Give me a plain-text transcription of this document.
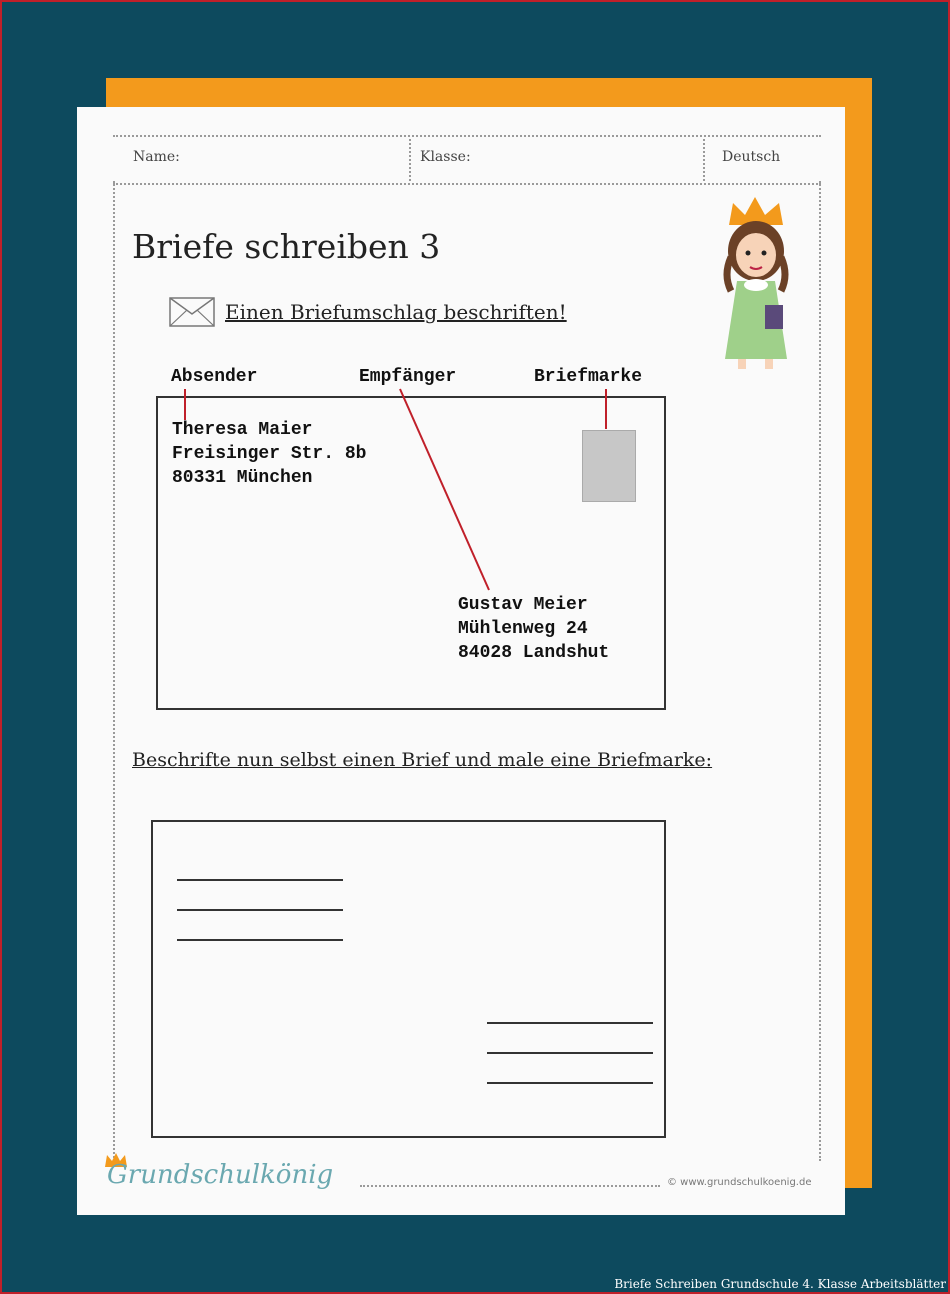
Name:	Klasse:	Deutsch
Briefe schreiben 3
Einen Briefumschlag beschriften!
Absender	Empfänger	Briefmarke
Theresa Maier
Freisinger Str. 8b
80331 München
Gustav Meier
Mühlenweg 24
84028 Landshut
Beschrifte nun selbst einen Brief und male eine Briefmarke:
Grundschulkönig	© www.grundschulkoenig.de
Briefe Schreiben Grundschule 4. Klasse Arbeitsblätter
